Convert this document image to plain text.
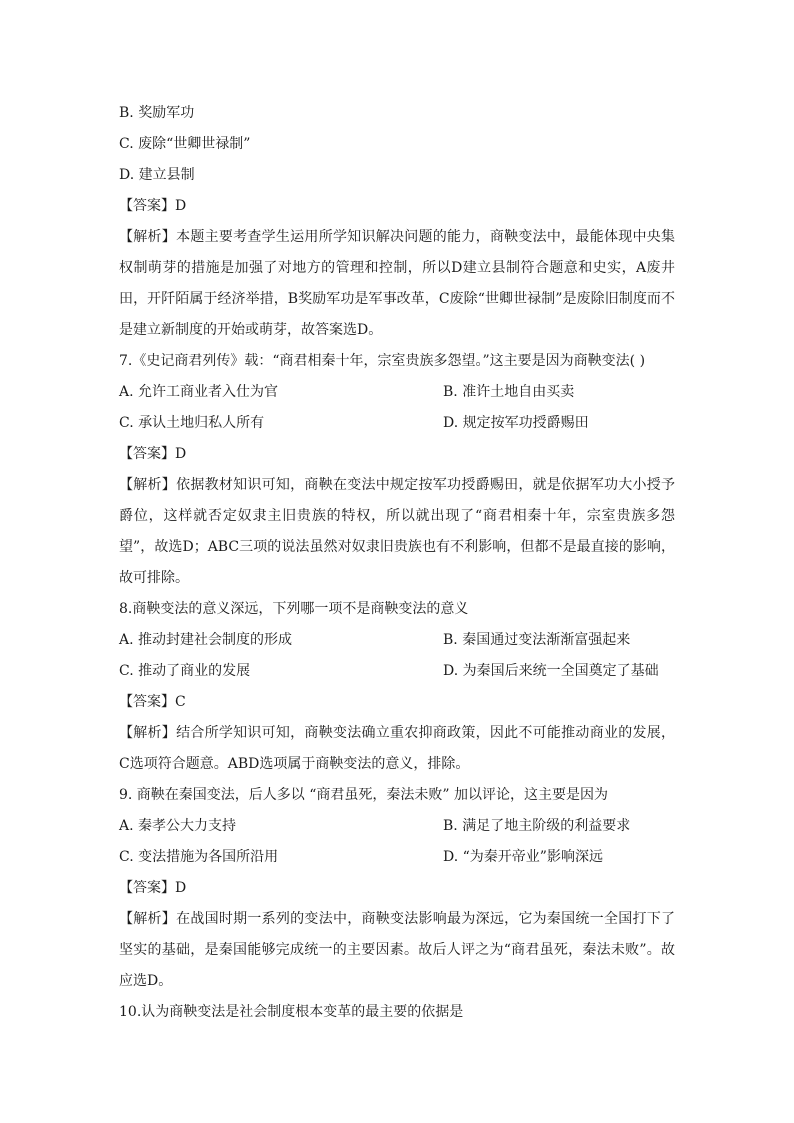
B. 奖励军功
C. 废除“世卿世禄制”
D. 建立县制
【答案】D
【解析】本题主要考查学生运用所学知识解决问题的能力，商鞅变法中，最能体现中央集权制萌芽的措施是加强了对地方的管理和控制，所以D建立县制符合题意和史实，A废井田，开阡陌属于经济举措，B奖励军功是军事改革，C废除“世卿世禄制”是废除旧制度而不是建立新制度的开始或萌芽，故答案选D。
7.《史记商君列传》载：“商君相秦十年，宗室贵族多怨望。”这主要是因为商鞅变法( )
A. 允许工商业者入仕为官	B. 准许土地自由买卖
C. 承认土地归私人所有	D. 规定按军功授爵赐田
【答案】D
【解析】依据教材知识可知，商鞅在变法中规定按军功授爵赐田，就是依据军功大小授予爵位，这样就否定奴隶主旧贵族的特权，所以就出现了“商君相秦十年，宗室贵族多怨望”，故选D；ABC三项的说法虽然对奴隶旧贵族也有不利影响，但都不是最直接的影响，故可排除。
8.商鞅变法的意义深远，下列哪一项不是商鞅变法的意义
A. 推动封建社会制度的形成	B. 秦国通过变法渐渐富强起来
C. 推动了商业的发展	D. 为秦国后来统一全国奠定了基础
【答案】C
【解析】结合所学知识可知，商鞅变法确立重农抑商政策，因此不可能推动商业的发展，C选项符合题意。ABD选项属于商鞅变法的意义，排除。
9. 商鞅在秦国变法，后人多以 “商君虽死，秦法未败” 加以评论，这主要是因为
A. 秦孝公大力支持	B. 满足了地主阶级的利益要求
C. 变法措施为各国所沿用	D. “为秦开帝业”影响深远
【答案】D
【解析】在战国时期一系列的变法中，商鞅变法影响最为深远，它为秦国统一全国打下了坚实的基础，是秦国能够完成统一的主要因素。故后人评之为“商君虽死，秦法未败”。故应选D。
10.认为商鞅变法是社会制度根本变革的最主要的依据是
